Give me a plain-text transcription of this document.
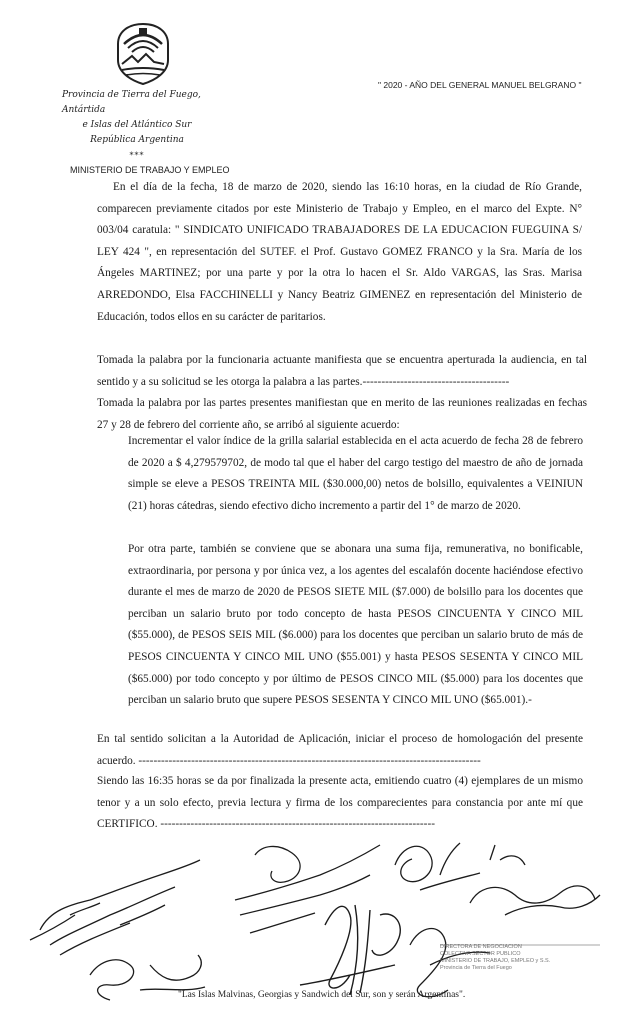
Provincia de Tierra del Fuego, Antártida
e Islas del Atlántico Sur
República Argentina
***
" 2020 - AÑO DEL GENERAL MANUEL BELGRANO "
MINISTERIO DE TRABAJO Y EMPLEO
En el día de la fecha, 18 de marzo de 2020, siendo las 16:10 horas, en la ciudad de Río Grande, comparecen previamente citados por este Ministerio de Trabajo y Empleo, en el marco del Expte. N° 003/04 caratula: " SINDICATO UNIFICADO TRABAJADORES DE LA EDUCACION FUEGUINA S/ LEY 424 ", en representación del SUTEF. el Prof. Gustavo GOMEZ FRANCO y la Sra. María de los Ángeles MARTINEZ; por una parte y por la otra lo hacen el Sr. Aldo VARGAS, las Sras. Marisa ARREDONDO, Elsa FACCHINELLI y Nancy Beatriz GIMENEZ en representación del Ministerio de Educación, todos ellos en su carácter de paritarios.
Tomada la palabra por la funcionaria actuante manifiesta que se encuentra aperturada la audiencia, en tal sentido y a su solicitud se les otorga la palabra a las partes.---------------------------------------
Tomada la palabra por las partes presentes manifiestan que en merito de las reuniones realizadas en fechas 27 y 28 de febrero del corriente año, se arribó al siguiente acuerdo:
Incrementar el valor índice de la grilla salarial establecida en el acta acuerdo de fecha 28 de febrero de 2020 a $ 4,279579702, de modo tal que el haber del cargo testigo del maestro de año de jornada simple se eleve a PESOS TREINTA MIL ($30.000,00) netos de bolsillo, equivalentes a VEINIUN (21) horas cátedras, siendo efectivo dicho incremento a partir del 1° de marzo de 2020.
Por otra parte, también se conviene que se abonara una suma fija, remunerativa, no bonificable, extraordinaria, por persona y por única vez, a los agentes del escalafón docente haciéndose efectivo durante el mes de marzo de 2020 de PESOS SIETE MIL ($7.000) de bolsillo para los docentes que perciban un salario bruto por todo concepto de hasta PESOS CINCUENTA Y CINCO MIL ($55.000), de PESOS SEIS MIL ($6.000) para los docentes que perciban un salario bruto de más de PESOS CINCUENTA Y CINCO MIL UNO ($55.001) y hasta PESOS SESENTA Y CINCO MIL ($65.000) por todo concepto y por último de PESOS CINCO MIL ($5.000) para los docentes que perciban un salario bruto que supere PESOS SESENTA Y CINCO MIL UNO ($65.001).-
En tal sentido solicitan a la Autoridad de Aplicación, iniciar el proceso de homologación del presente acuerdo. -------------------------------------------------------------------------------------------
Siendo las 16:35 horas se da por finalizada la presente acta, emitiendo cuatro (4) ejemplares de un mismo tenor y a un solo efecto, previa lectura y firma de los comparecientes para constancia por ante mí que CERTIFICO. -------------------------------------------------------------------------
DIRECTORA DE NEGOCIACION
COLECTIVA SECTOR PUBLICO
MINISTERIO DE TRABAJO, EMPLEO y S.S.
Provincia de Tierra del Fuego
"Las Islas Malvinas, Georgias y Sandwich del Sur, son y serán Argentinas".
